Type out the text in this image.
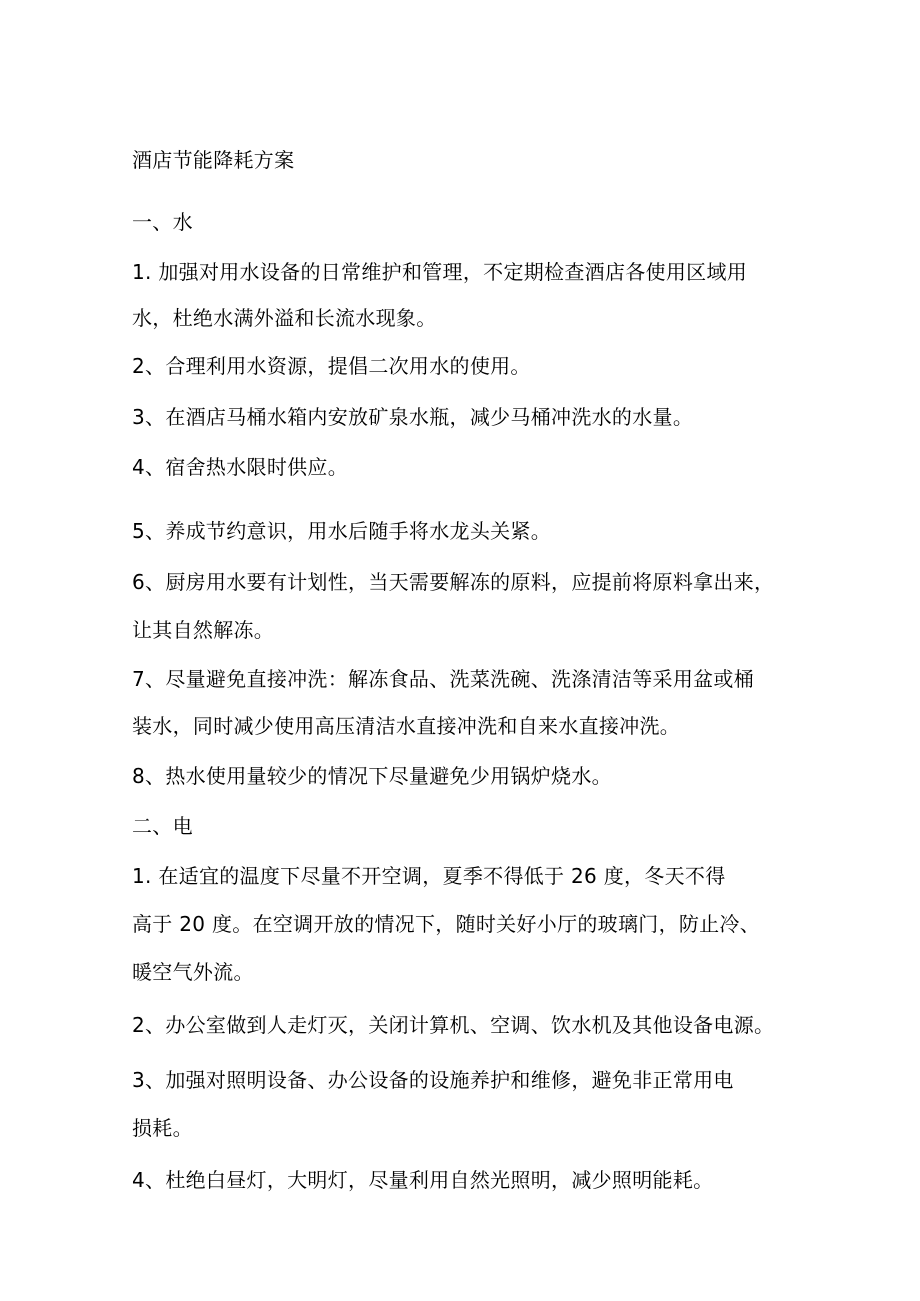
酒店节能降耗方案
一、水
1. 加强对用水设备的日常维护和管理，不定期检查酒店各使用区域用
水，杜绝水满外溢和长流水现象。
2、合理利用水资源，提倡二次用水的使用。
3、在酒店马桶水箱内安放矿泉水瓶，减少马桶冲洗水的水量。
4、宿舍热水限时供应。
5、养成节约意识，用水后随手将水龙头关紧。
6、厨房用水要有计划性，当天需要解冻的原料，应提前将原料拿出来，
让其自然解冻。
7、尽量避免直接冲洗：解冻食品、洗菜洗碗、洗涤清洁等采用盆或桶
装水，同时减少使用高压清洁水直接冲洗和自来水直接冲洗。
8、热水使用量较少的情况下尽量避免少用锅炉烧水。
二、电
1. 在适宜的温度下尽量不开空调，夏季不得低于 26 度，冬天不得
高于 20 度。在空调开放的情况下，随时关好小厅的玻璃门，防止冷、
暖空气外流。
2、办公室做到人走灯灭，关闭计算机、空调、饮水机及其他设备电源。
3、加强对照明设备、办公设备的设施养护和维修，避免非正常用电
损耗。
4、杜绝白昼灯，大明灯，尽量利用自然光照明，减少照明能耗。
